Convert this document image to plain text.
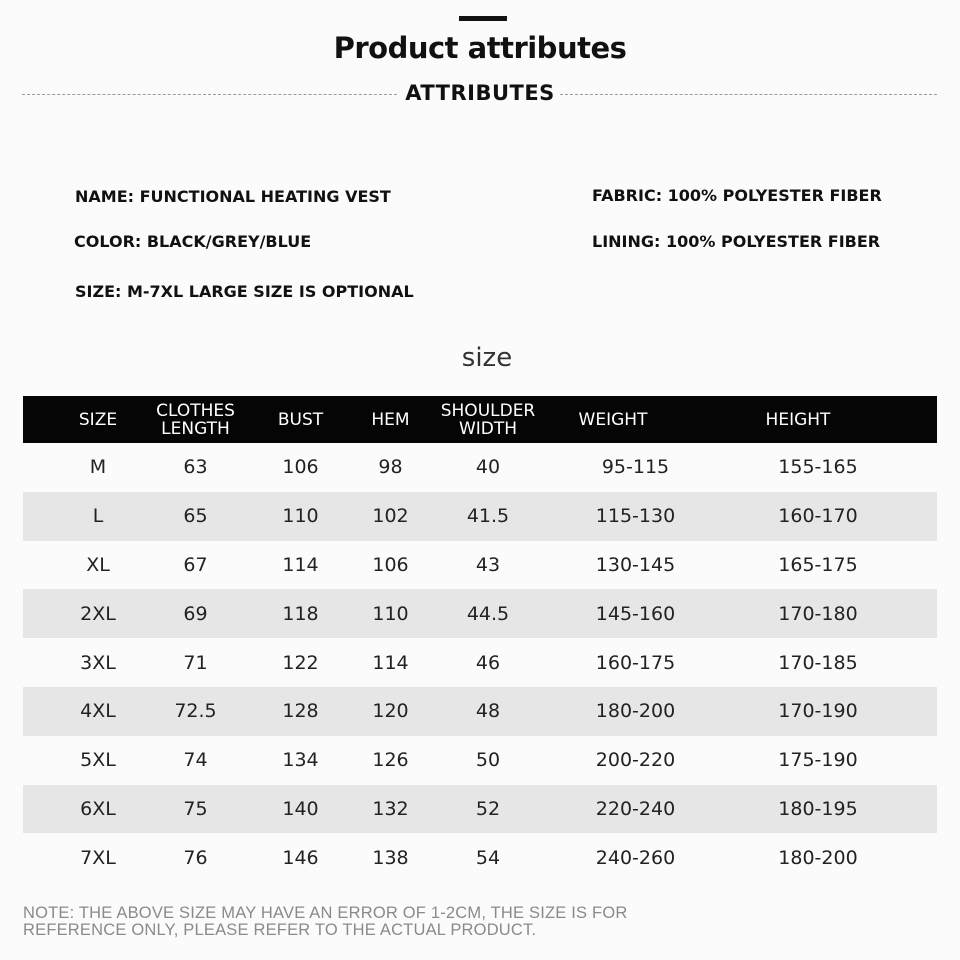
Product attributes
ATTRIBUTES
NAME: FUNCTIONAL HEATING VEST	FABRIC: 100% POLYESTER FIBER
COLOR: BLACK/GREY/BLUE	LINING: 100% POLYESTER FIBER
SIZE: M-7XL LARGE SIZE IS OPTIONAL
size
SIZE	CLOTHES LENGTH	BUST	HEM	SHOULDER WIDTH	WEIGHT	HEIGHT
M	63	106	98	40	95-115	155-165
L	65	110	102	41.5	115-130	160-170
XL	67	114	106	43	130-145	165-175
2XL	69	118	110	44.5	145-160	170-180
3XL	71	122	114	46	160-175	170-185
4XL	72.5	128	120	48	180-200	170-190
5XL	74	134	126	50	200-220	175-190
6XL	75	140	132	52	220-240	180-195
7XL	76	146	138	54	240-260	180-200
NOTE: THE ABOVE SIZE MAY HAVE AN ERROR OF 1-2CM, THE SIZE IS FOR REFERENCE ONLY, PLEASE REFER TO THE ACTUAL PRODUCT.
